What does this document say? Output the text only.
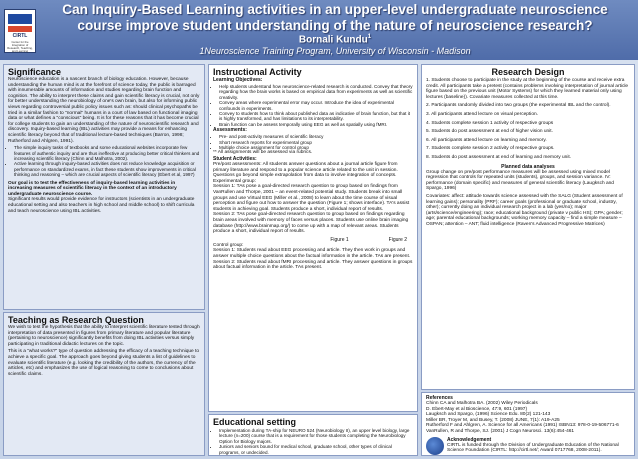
CIRTL
Center for the Integration of Research, Teaching, and Learning
Can Inquiry-Based Learning activities in an upper-level undergraduate neuroscience course improve student understanding of the nature of neuroscience research?
Bornali Kundu$^1$
1Neuroscience Training Program, University of Wisconsin - Madison
Significance

Neuroscience education is a nascent branch of biology education. However, because understanding the human mind is at the forefront of science today, the public is barraged with innumerable amounts of information and studies regarding brain function and cognition. The ability to interpret these claims and gain scientific literacy is crucial, not only for better understanding the neurobiology of one's own brain, but also for informing public views regarding controversial public policy issues such as: should clinical psychopaths be tried in a similar fashion to "normal" humans in a court of law based on functional imaging data or what defines a "conscious" being. It is for these reasons that it has become crucial for college students to gain an understanding of the nature of neuroscientific research and discovery. Inquiry-based learning (IBL) activities may provide a means for enhancing scientific literacy beyond that of traditional lecture-based techniques (Barron, 1998; Rutherford and Ahlgren, 1991).

• The simple inquiry tasks of textbooks and some educational websites incorporate few features of authentic inquiry and are thus ineffective at producing better critical thinkers and increasing scientific literacy (Chinn and Malhotra, 2002).
• Active learning through inquiry-based activities does not reduce knowledge acquisition or performance on standardized exams, in fact these students show improvements in critical thinking and reasoning – which are crucial aspects of scientific literacy (Ebert et al, 1997)

Our goal is to test the effectiveness of inquiry-based learning activities in increasing measures of scientific literacy in the context of an introductory undergraduate neuroscience course.

Significant results would provide evidence for instructors (scientists in an undergraduate educational setting and also teachers in high school and middle school) to shift curricula and teach neuroscience using IBL activities.

Teaching as Research Question

We wish to test the hypothesis that the ability to interpret scientific literature tested through interpretation of data presented in figures from primary literature and popular literature (pertaining to neuroscience) significantly benefits from doing IBL activities versus simply participating in traditional didactic lectures on the topic.

This is a "what works?" type of question addressing the efficacy of a teaching technique to achieve a specific goal. The approach goes beyond giving students a list of guidelines to evaluate scientific literature (e.g. looking the credibility of the authors, the currency of the articles, etc) and emphasizes the use of logical reasoning to come to conclusions about scientific claims.

Instructional Activity

Learning Objectives:

• Help students understand how neuroscience-related research is conducted. Convey that theory regarding how the brain works is based on empirical data from experiments as well as scientific creativity.
• Convey areas where experimental error may occur. Introduce the idea of experimental confounds in experiments.
• Convey to students how to think about published data as indicative of brain function, but that it is highly transformed, and has limitations to its interpretability.
• Brain function can be assess temporally using EEG as well as spatially using fMRI.

Assessments:

• Pre- and post-activity measures of scientific literacy
• Short research reports for experimental group
• Multiple choice assignment for control group

** All assignments will be assessed via rubrics.

Student Activities:

Pre/post assessments: All students answer questions about a journal article figure from primary literature and respond to a popular science article related to the unit in session. Questions go beyond simple extrapolation from data to involve integration of concepts.

Experimental group:

Session 1: TAs pose a goal-directed research question to group based on findings from VanRullen and Thorpe, 2001 – an event-related potential study. Students break into small groups and use Virtual EEG (Miller et al., 2008) to learn about the time course of visual perception and figure out how to answer the question (Figure 1; shows interface). TA's assist students in achieving goal. Students produce a short, individual report of results.

Session 2: TAs pose goal-directed research question to group based on findings regarding brain areas involved with memory of faces versus places. Students use online brain imaging database (http://www.brainmap.org/) to come up with a map of relevant areas. Students produce a short, individual report of results.

Figure 1	Figure 2

Control group:

Session 1: Students read about EEG processing and article. They then work in groups and answer multiple choice questions about the factual information in the article. TAs are present. Session 2: Students read about fMRI processing and article. They answer questions in groups about factual information in the article. TAs present.

Educational setting
• Implementation during TA-ship for NEURO 524 (Neurobiology II), an upper level biology, large lecture (n=200) course that is a requirement for those students completing the Neurobiology Option for Biology majors.
• Juniors and seniors bound for medical school, graduate school, other types of clinical programs, or undecided.
Research Design

1. Students choose to participate in the study at the beginning of the course and receive extra credit. All participants take a pretest (contains problems involving interpretation of journal article figure based on the previous unit (Motor Systems) for which they learned material only using lectures (baseline)). Covariate measures collected at this time.

2. Participants randomly divided into two groups (the experimental IBL and the control).

3. All participants attend lecture on visual perception.

4. Students complete session 1 activity of respective groups

5. Students do post assessment at end of higher vision unit.

6. All participants attend lecture on learning and memory.

7. Students complete session 2 activity of respective groups.

8. Students do post assessment at end of learning and memory unit.

Planned data analyses

Group change on pre/post performance measures will be assessed using mixed model regression that controls for repeated units (students), groups, and session variance. IV: performance (domain specific) and measures of general scientific literacy (Laugksch and Spargo, 1996)

Covariates: affect: attitude towards science assessed with the SALG (Student assessment of learning gains); personality (PRF); career goals (professional or graduate school, industry, other); currently doing an individual research project in a lab (yes/no); major (arts/science/engineering); race; educational background (private v public HS); GPA; gender; age; parental educational backgrounds; working memory capacity – find a simple measure – OSPAN; attention – ANT; fluid intelligence (Raven's Advanced Progressive Matrices)

References

Chinn CA and Malhotra BA. (2002) Wiley Periodicals

D. Ebert-May et al Bioscience, 47:9, 601 (1997)

Laugksch and Spargo, (1996) Science Edu. 80(2) 121-143

Miller BR, Troyer M, and Busey, T. (2008) JUNE, 7(1): A19-A25

Rutherford F and Ahlgren, A. Science for all Americans (1991) ISBN13: 978-0-19-506771-6

VanRullen, R and Thorpe, SJ. (2001) J Cogn Neurosci. 13(6):454-461

Acknowledgement

CIRTL is funded through the Division of Undergraduate Education of the National Science Foundation (CIRTL: http://cirtl.net/; Award 0717768, 2008-2011).
